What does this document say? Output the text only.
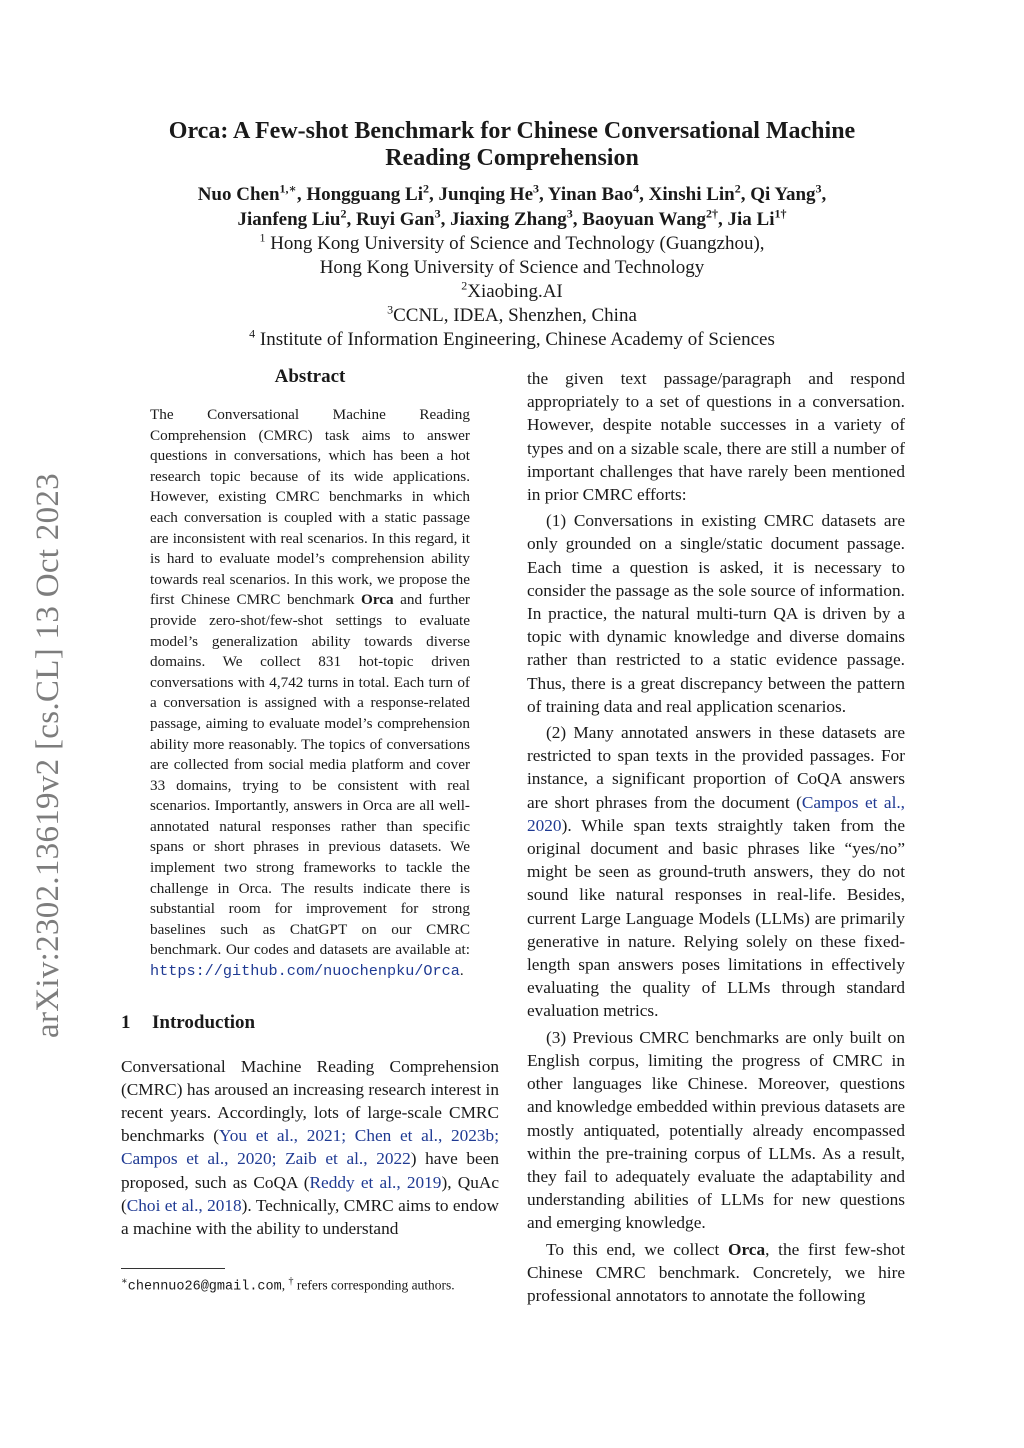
arXiv:2302.13619v2 [cs.CL] 13 Oct 2023
Orca: A Few-shot Benchmark for Chinese Conversational Machine
Reading Comprehension
Nuo Chen$^{1,∗}$, Hongguang Li$^2$, Junqing He$^3$, Yinan Bao$^4$, Xinshi Lin$^2$, Qi Yang$^3$,
Jianfeng Liu$^2$, Ruyi Gan$^3$, Jiaxing Zhang$^3$, Baoyuan Wang$^{2\dagger}$, Jia $Li^{1\dagger}$
$^1$ Hong Kong University of Science and Technology (Guangzhou),
Hong Kong University of Science and Technology
$^2$Xiaobing.AI
$^3$CCNL, IDEA, Shenzhen, China
$^4$ Institute of Information Engineering, Chinese Academy of Sciences
Abstract
The Conversational Machine Reading Comprehension (CMRC) task aims to answer questions in conversations, which has been a hot research topic because of its wide applications. However, existing CMRC benchmarks in which each conversation is coupled with a static passage are inconsistent with real scenarios. In this regard, it is hard to evaluate model’s comprehension ability towards real scenarios. In this work, we propose the first Chinese CMRC benchmark Orca and further provide zero-shot/few-shot settings to evaluate model’s generalization ability towards diverse domains. We collect 831 hot-topic driven conversations with 4,742 turns in total. Each turn of a conversation is assigned with a response-related passage, aiming to evaluate model’s comprehension ability more reasonably. The topics of conversations are collected from social media platform and cover 33 domains, trying to be consistent with real scenarios. Importantly, answers in Orca are all well-annotated natural responses rather than specific spans or short phrases in previous datasets. We implement two strong frameworks to tackle the challenge in Orca. The results indicate there is substantial room for improvement for strong baselines such as ChatGPT on our CMRC benchmark. Our codes and datasets are available at: https://github.com/nuochenpku/Orca.
1 Introduction

Conversational Machine Reading Comprehension (CMRC) has aroused an increasing research interest in recent years. Accordingly, lots of large-scale CMRC benchmarks (You et al., 2021; Chen et al., 2023b; Campos et al., 2020; Zaib et al., 2022) have been proposed, such as CoQA (Reddy et al., 2019), QuAc (Choi et al., 2018). Technically, CMRC aims to endow a machine with the ability to understand

∗chennuo26@gmail.com, † refers corresponding authors.

the given text passage/paragraph and respond appropriately to a set of questions in a conversation. However, despite notable successes in a variety of types and on a sizable scale, there are still a number of important challenges that have rarely been mentioned in prior CMRC efforts:

(1) Conversations in existing CMRC datasets are only grounded on a single/static document passage. Each time a question is asked, it is necessary to consider the passage as the sole source of information. In practice, the natural multi-turn QA is driven by a topic with dynamic knowledge and diverse domains rather than restricted to a static evidence passage. Thus, there is a great discrepancy between the pattern of training data and real application scenarios.

(2) Many annotated answers in these datasets are restricted to span texts in the provided passages. For instance, a significant proportion of CoQA answers are short phrases from the document (Campos et al., 2020). While span texts straightly taken from the original document and basic phrases like “yes/no” might be seen as ground-truth answers, they do not sound like natural responses in real-life. Besides, current Large Language Models (LLMs) are primarily generative in nature. Relying solely on these fixed-length span answers poses limitations in effectively evaluating the quality of LLMs through standard evaluation metrics.

(3) Previous CMRC benchmarks are only built on English corpus, limiting the progress of CMRC in other languages like Chinese. Moreover, questions and knowledge embedded within previous datasets are mostly antiquated, potentially already encompassed within the pre-training corpus of LLMs. As a result, they fail to adequately evaluate the adaptability and understanding abilities of LLMs for new questions and emerging knowledge.

To this end, we collect Orca, the first few-shot Chinese CMRC benchmark. Concretely, we hire professional annotators to annotate the following
